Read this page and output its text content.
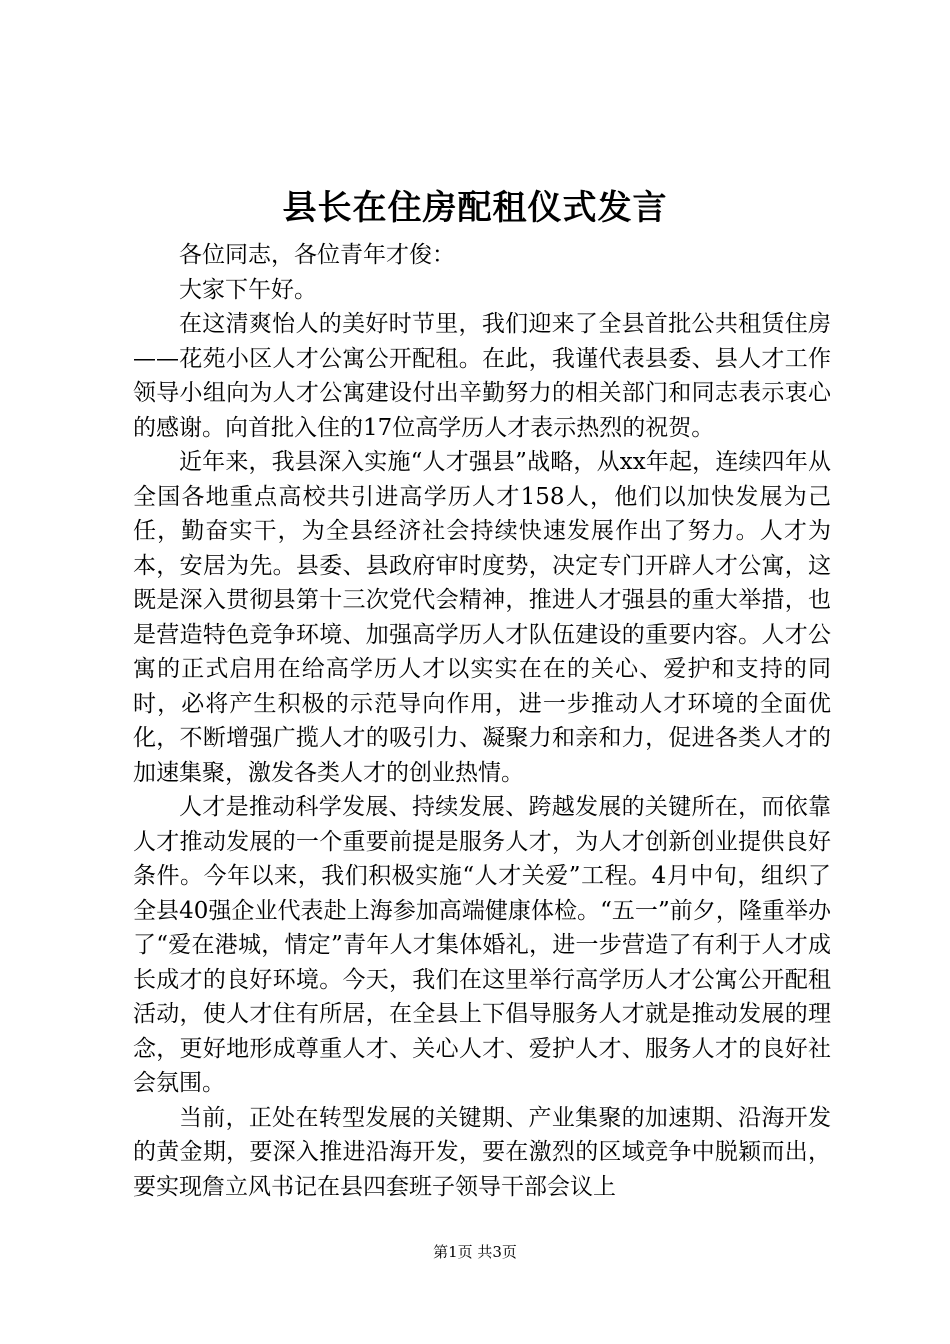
县长在住房配租仪式发言

各位同志，各位青年才俊：

大家下午好。

在这清爽怡人的美好时节里，我们迎来了全县首批公共租赁住房——花苑小区人才公寓公开配租。在此，我谨代表县委、县人才工作领导小组向为人才公寓建设付出辛勤努力的相关部门和同志表示衷心的感谢。向首批入住的17位高学历人才表示热烈的祝贺。

近年来，我县深入实施“人才强县”战略，从xx年起，连续四年从全国各地重点高校共引进高学历人才158人，他们以加快发展为己任，勤奋实干，为全县经济社会持续快速发展作出了努力。人才为本，安居为先。县委、县政府审时度势，决定专门开辟人才公寓，这既是深入贯彻县第十三次党代会精神，推进人才强县的重大举措，也是营造特色竞争环境、加强高学历人才队伍建设的重要内容。人才公寓的正式启用在给高学历人才以实实在在的关心、爱护和支持的同时，必将产生积极的示范导向作用，进一步推动人才环境的全面优化，不断增强广揽人才的吸引力、凝聚力和亲和力，促进各类人才的加速集聚，激发各类人才的创业热情。

人才是推动科学发展、持续发展、跨越发展的关键所在，而依靠人才推动发展的一个重要前提是服务人才，为人才创新创业提供良好条件。今年以来，我们积极实施“人才关爱”工程。4月中旬，组织了全县40强企业代表赴上海参加高端健康体检。“五一”前夕，隆重举办了“爱在港城，情定”青年人才集体婚礼，进一步营造了有利于人才成长成才的良好环境。今天，我们在这里举行高学历人才公寓公开配租活动，使人才住有所居，在全县上下倡导服务人才就是推动发展的理念，更好地形成尊重人才、关心人才、爱护人才、服务人才的良好社会氛围。

当前，正处在转型发展的关键期、产业集聚的加速期、沿海开发的黄金期，要深入推进沿海开发，要在激烈的区域竞争中脱颖而出，要实现詹立风书记在县四套班子领导干部会议上

第1页 共3页
